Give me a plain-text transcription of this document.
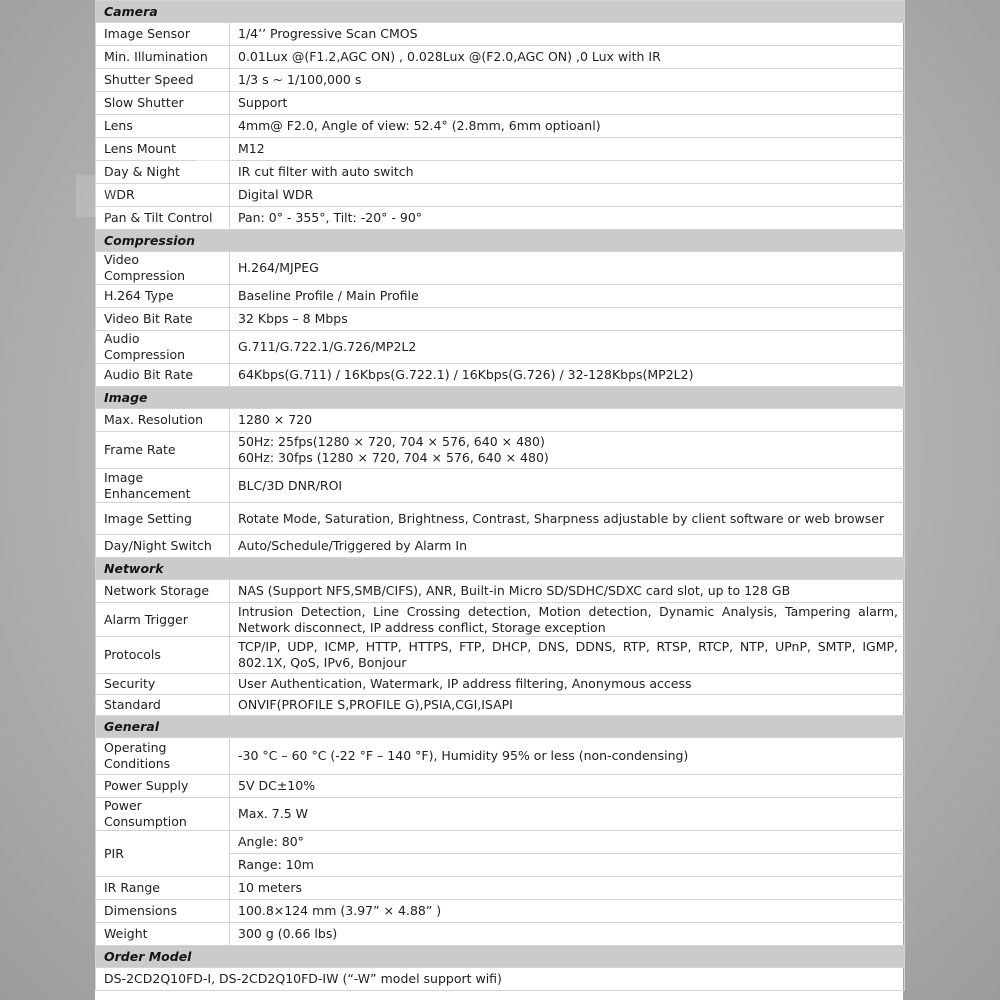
Camera	
Image Sensor	1/4’’ Progressive Scan CMOS
Min. Illumination	0.01Lux @(F1.2,AGC ON) , 0.028Lux @(F2.0,AGC ON) ,0 Lux with IR
Shutter Speed	1/3 s ~ 1/100,000 s
Slow Shutter	Support
Lens	4mm@ F2.0, Angle of view: 52.4° (2.8mm, 6mm optioanl)
Lens Mount	M12
Day & Night	IR cut filter with auto switch
WDR	Digital WDR
Pan & Tilt Control	Pan: 0° - 355°, Tilt: -20° - 90°
Compression	
Video Compression	H.264/MJPEG
H.264 Type	Baseline Profile / Main Profile
Video Bit Rate	32 Kbps – 8 Mbps
Audio Compression	G.711/G.722.1/G.726/MP2L2
Audio Bit Rate	64Kbps(G.711) / 16Kbps(G.722.1) / 16Kbps(G.726) / 32-128Kbps(MP2L2)
Image	
Max. Resolution	1280 × 720
Frame Rate	50Hz: 25fps(1280 × 720, 704 × 576, 640 × 480)
60Hz: 30fps (1280 × 720, 704 × 576, 640 × 480)

Image Enhancement	BLC/3D DNR/ROI
Image Setting	Rotate Mode, Saturation, Brightness, Contrast, Sharpness adjustable by client software or web browser
Day/Night Switch	Auto/Schedule/Triggered by Alarm In
Network	
Network Storage	NAS (Support NFS,SMB/CIFS), ANR, Built-in Micro SD/SDHC/SDXC card slot, up to 128 GB
Alarm Trigger	Intrusion Detection, Line Crossing detection, Motion detection, Dynamic Analysis, Tampering alarm, Network disconnect, IP address conflict, Storage exception
Protocols	TCP/IP, UDP, ICMP, HTTP, HTTPS, FTP, DHCP, DNS, DDNS, RTP, RTSP, RTCP, NTP, UPnP, SMTP, IGMP, 802.1X, QoS, IPv6, Bonjour
Security	User Authentication, Watermark, IP address filtering, Anonymous access
Standard	ONVIF(PROFILE S,PROFILE G),PSIA,CGI,ISAPI
General	
Operating Conditions	-30 °C – 60 °C (-22 °F – 140 °F), Humidity 95% or less (non-condensing)
Power Supply	5V DC±10%
Power Consumption	Max. 7.5 W
PIR	Angle: 80°
	Range: 10m
IR Range	10 meters
Dimensions	100.8×124 mm (3.97” × 4.88” )
Weight	300 g (0.66 lbs)
Order Model	
DS-2CD2Q10FD-I, DS-2CD2Q10FD-IW (“-W” model support wifi)	
